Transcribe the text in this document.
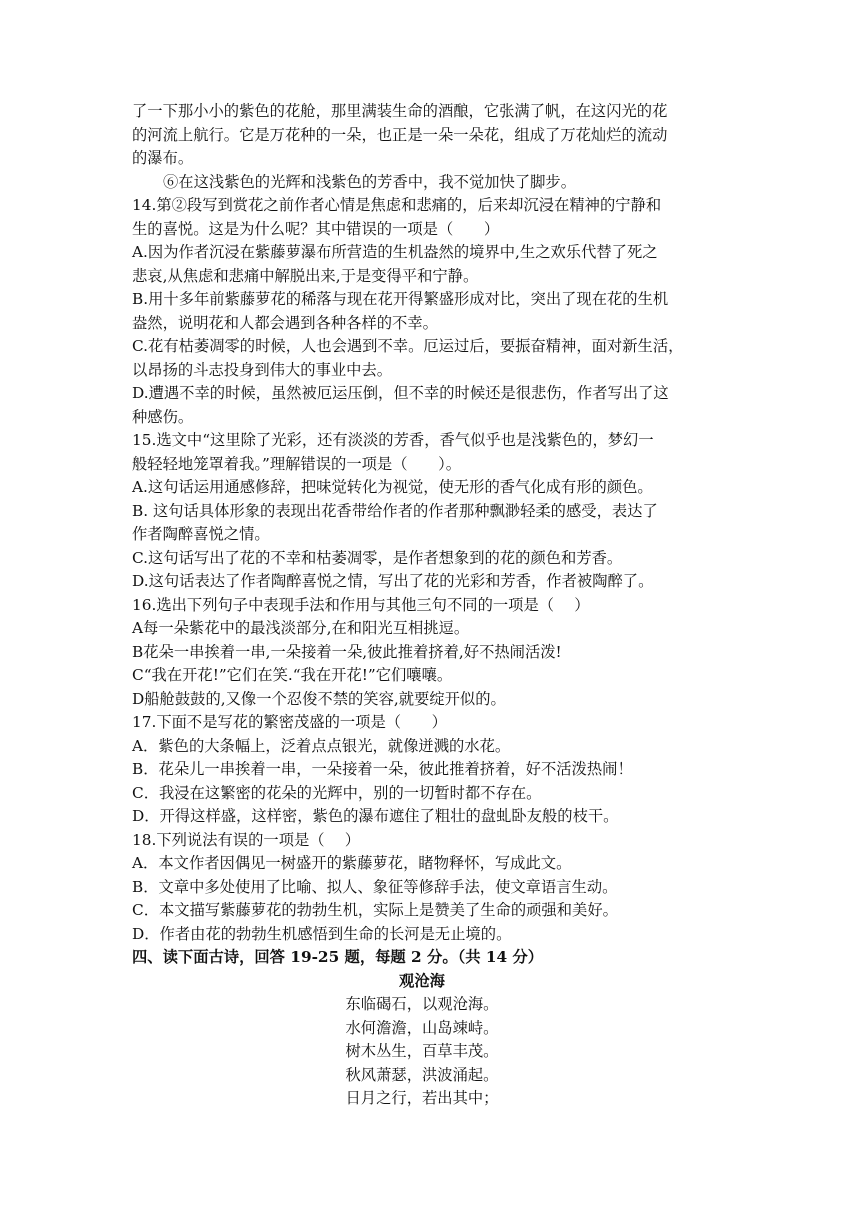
了一下那小小的紫色的花舱，那里满装生命的酒酿，它张满了帆，在这闪光的花
的河流上航行。它是万花种的一朵，也正是一朵一朵花，组成了万花灿烂的流动
的瀑布。
⑥在这浅紫色的光辉和浅紫色的芳香中，我不觉加快了脚步。
14.第②段写到赏花之前作者心情是焦虑和悲痛的，后来却沉浸在精神的宁静和
生的喜悦。这是为什么呢？其中错误的一项是（　　）
A.因为作者沉浸在紫藤萝瀑布所营造的生机盎然的境界中,生之欢乐代替了死之
悲哀,从焦虑和悲痛中解脱出来,于是变得平和宁静。
B.用十多年前紫藤萝花的稀落与现在花开得繁盛形成对比，突出了现在花的生机
盎然，说明花和人都会遇到各种各样的不幸。
C.花有枯萎凋零的时候，人也会遇到不幸。厄运过后，要振奋精神，面对新生活，
以昂扬的斗志投身到伟大的事业中去。
D.遭遇不幸的时候，虽然被厄运压倒，但不幸的时候还是很悲伤，作者写出了这
种感伤。
15.选文中“这里除了光彩，还有淡淡的芳香，香气似乎也是浅紫色的，梦幻一
般轻轻地笼罩着我。”理解错误的一项是（　　）。
A.这句话运用通感修辞，把味觉转化为视觉，使无形的香气化成有形的颜色。
B. 这句话具体形象的表现出花香带给作者的作者那种飘渺轻柔的感受，表达了
作者陶醉喜悦之情。
C.这句话写出了花的不幸和枯萎凋零，是作者想象到的花的颜色和芳香。
D.这句话表达了作者陶醉喜悦之情，写出了花的光彩和芳香，作者被陶醉了。
16.选出下列句子中表现手法和作用与其他三句不同的一项是（　 ）
A每一朵紫花中的最浅淡部分,在和阳光互相挑逗。
B花朵一串挨着一串,一朵接着一朵,彼此推着挤着,好不热闹活泼!
C“我在开花!”它们在笑.“我在开花!”它们嚷嚷。
D船舱鼓鼓的,又像一个忍俊不禁的笑容,就要绽开似的。
17.下面不是写花的繁密茂盛的一项是（　　）
A．紫色的大条幅上，泛着点点银光，就像迸溅的水花。
B．花朵儿一串挨着一串，一朵接着一朵，彼此推着挤着，好不活泼热闹！
C．我浸在这繁密的花朵的光辉中，别的一切暂时都不存在。
D．开得这样盛，这样密，紫色的瀑布遮住了粗壮的盘虬卧友般的枝干。
18.下列说法有误的一项是（　 ）
A．本文作者因偶见一树盛开的紫藤萝花，睹物释怀，写成此文。
B．文章中多处使用了比喻、拟人、象征等修辞手法，使文章语言生动。
C．本文描写紫藤萝花的勃勃生机，实际上是赞美了生命的顽强和美好。
D．作者由花的勃勃生机感悟到生命的长河是无止境的。
四、读下面古诗，回答 19-25 题，每题 2 分。（共 14 分）
观沧海
东临碣石，以观沧海。
水何澹澹，山岛竦峙。
树木丛生，百草丰茂。
秋风萧瑟，洪波涌起。
日月之行，若出其中；
